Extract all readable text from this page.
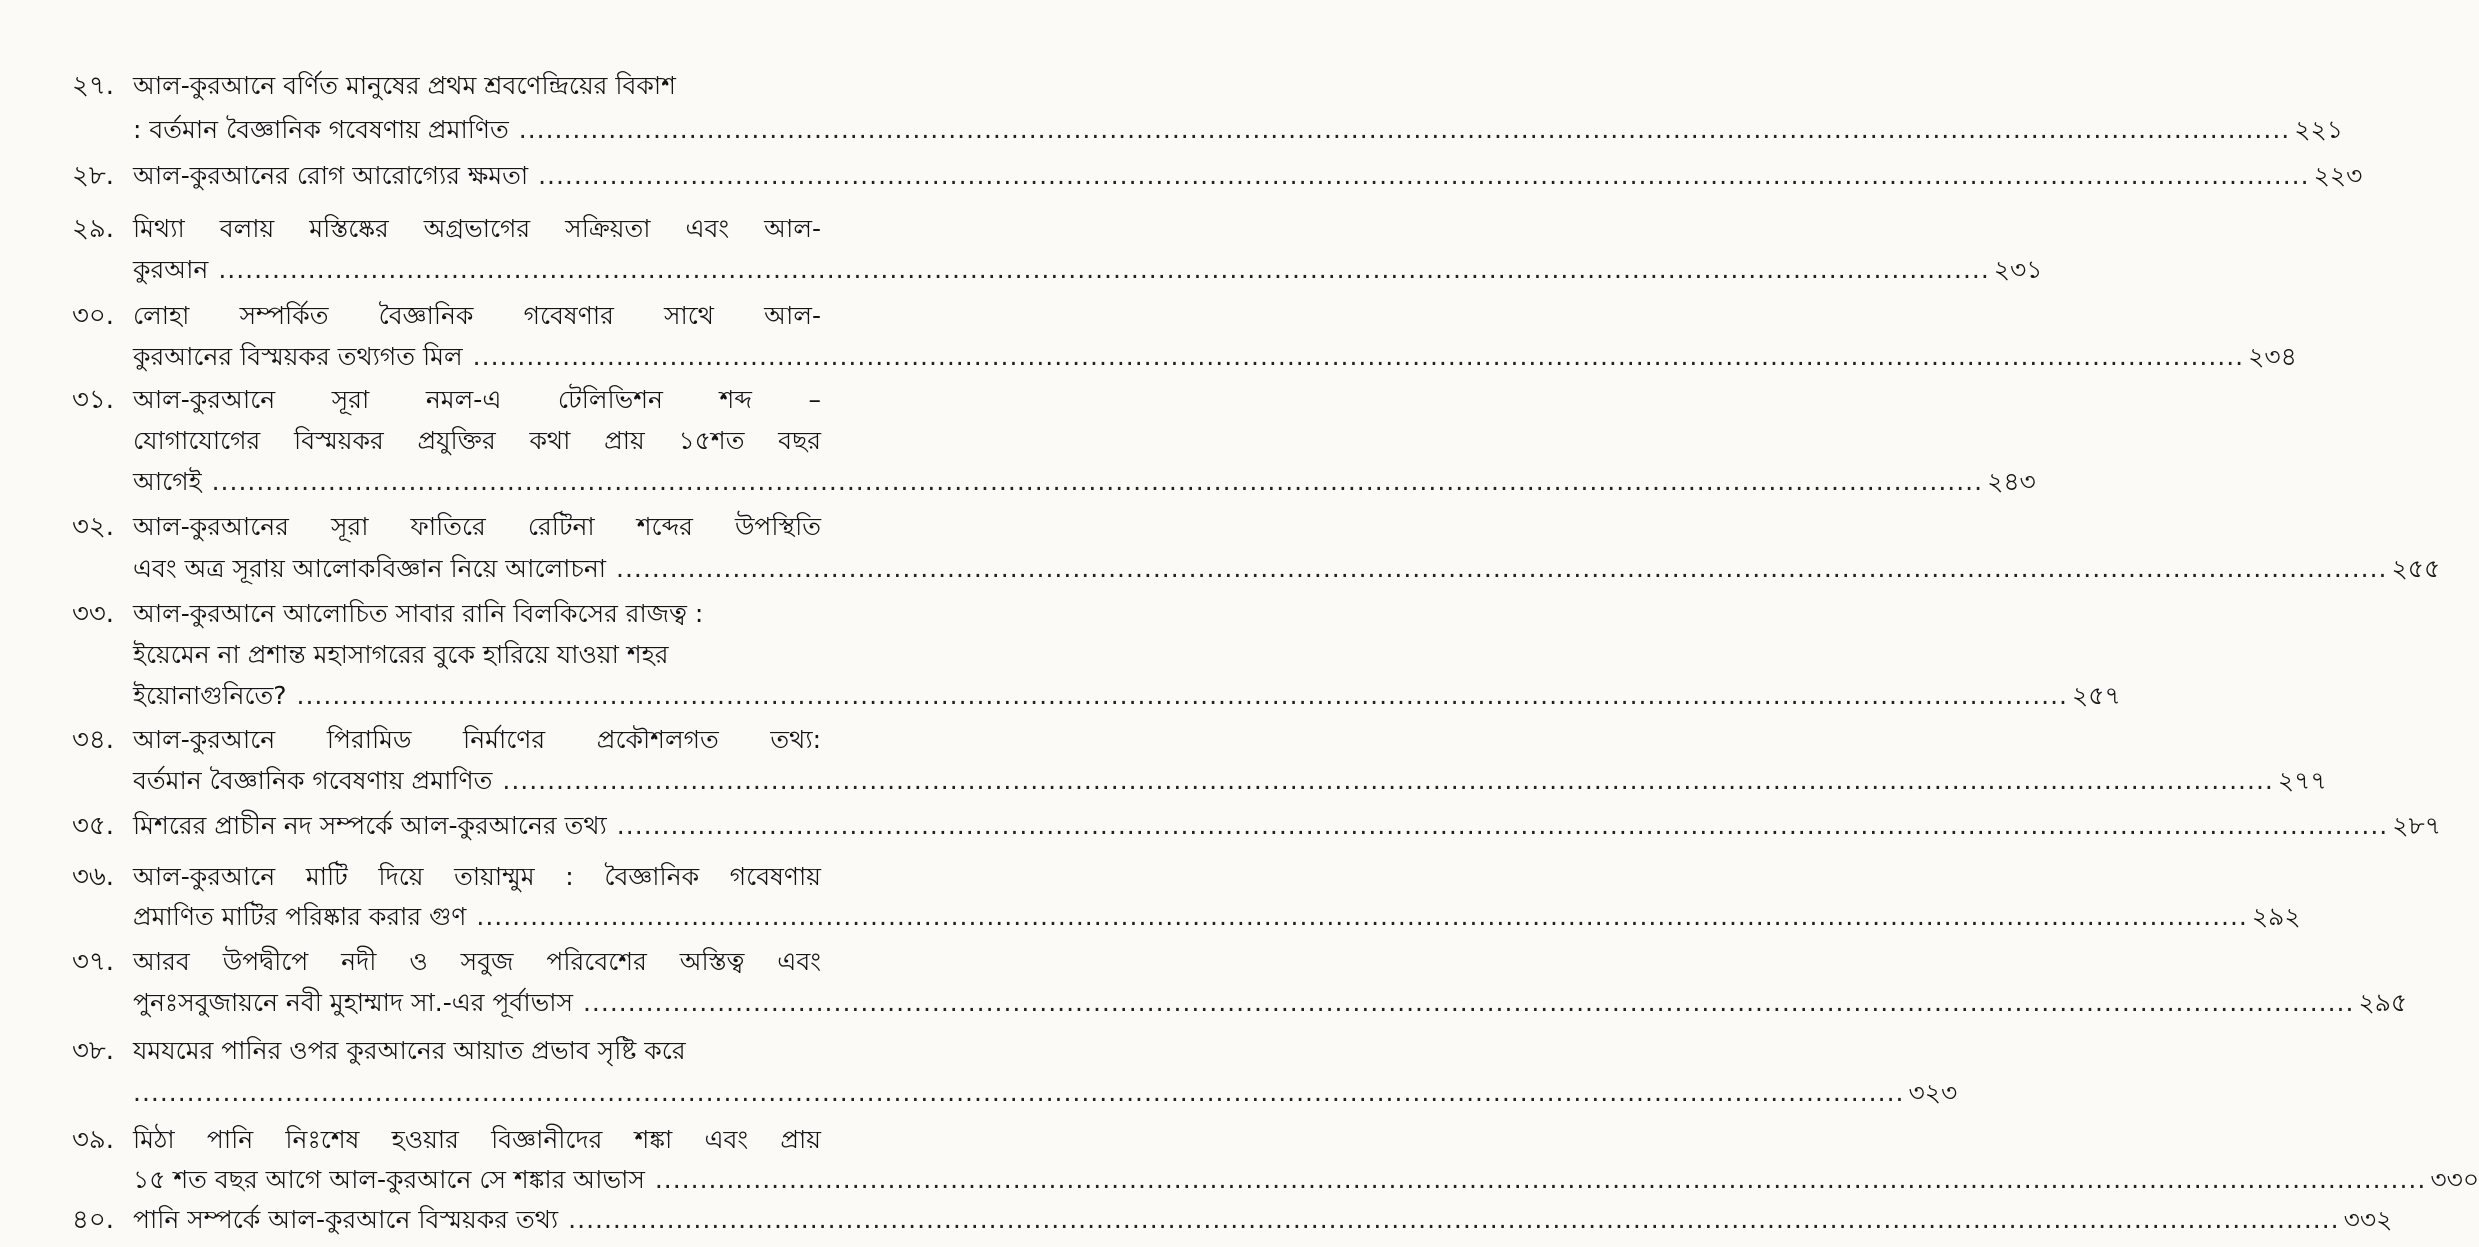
২৭. আল-কুরআনে বর্ণিত মানুষের প্রথম শ্রবণেন্দ্রিয়ের বিকাশ
: বর্তমান বৈজ্ঞানিক গবেষণায় প্রমাণিত ...................................................................................................................................................................................................... ২২১
২৮. আল-কুরআনের রোগ আরোগ্যের ক্ষমতা ...................................................................................................................................................................................................... ২২৩
২৯. মিথ্যা বলায় মস্তিষ্কের অগ্রভাগের সক্রিয়তা এবং আল-
কুরআন ...................................................................................................................................................................................................... ২৩১
৩০. লোহা সম্পর্কিত বৈজ্ঞানিক গবেষণার সাথে আল-
কুরআনের বিস্ময়কর তথ্যগত মিল ...................................................................................................................................................................................................... ২৩৪
৩১. আল-কুরআনে সূরা নমল-এ টেলিভিশন শব্দ –
যোগাযোগের বিস্ময়কর প্রযুক্তির কথা প্রায় ১৫শত বছর
আগেই ...................................................................................................................................................................................................... ২৪৩
৩২. আল-কুরআনের সূরা ফাতিরে রেটিনা শব্দের উপস্থিতি
এবং অত্র সূরায় আলোকবিজ্ঞান নিয়ে আলোচনা ...................................................................................................................................................................................................... ২৫৫
৩৩. আল-কুরআনে আলোচিত সাবার রানি বিলকিসের রাজত্ব :
ইয়েমেন না প্রশান্ত মহাসাগরের বুকে হারিয়ে যাওয়া শহর
ইয়োনাগুনিতে? ...................................................................................................................................................................................................... ২৫৭
৩৪. আল-কুরআনে পিরামিড নির্মাণের প্রকৌশলগত তথ্য:
বর্তমান বৈজ্ঞানিক গবেষণায় প্রমাণিত ...................................................................................................................................................................................................... ২৭৭
৩৫. মিশরের প্রাচীন নদ সম্পর্কে আল-কুরআনের তথ্য ...................................................................................................................................................................................................... ২৮৭
৩৬. আল-কুরআনে মাটি দিয়ে তায়াম্মুম : বৈজ্ঞানিক গবেষণায়
প্রমাণিত মাটির পরিষ্কার করার গুণ ...................................................................................................................................................................................................... ২৯২
৩৭. আরব উপদ্বীপে নদী ও সবুজ পরিবেশের অস্তিত্ব এবং
পুনঃসবুজায়নে নবী মুহাম্মাদ সা.-এর পূর্বাভাস ...................................................................................................................................................................................................... ২৯৫
৩৮. যমযমের পানির ওপর কুরআনের আয়াত প্রভাব সৃষ্টি করে
...................................................................................................................................................................................................... ৩২৩
৩৯. মিঠা পানি নিঃশেষ হওয়ার বিজ্ঞানীদের শঙ্কা এবং প্রায়
১৫ শত বছর আগে আল-কুরআনে সে শঙ্কার আভাস ...................................................................................................................................................................................................... ৩৩০
৪০. পানি সম্পর্কে আল-কুরআনে বিস্ময়কর তথ্য ...................................................................................................................................................................................................... ৩৩২
